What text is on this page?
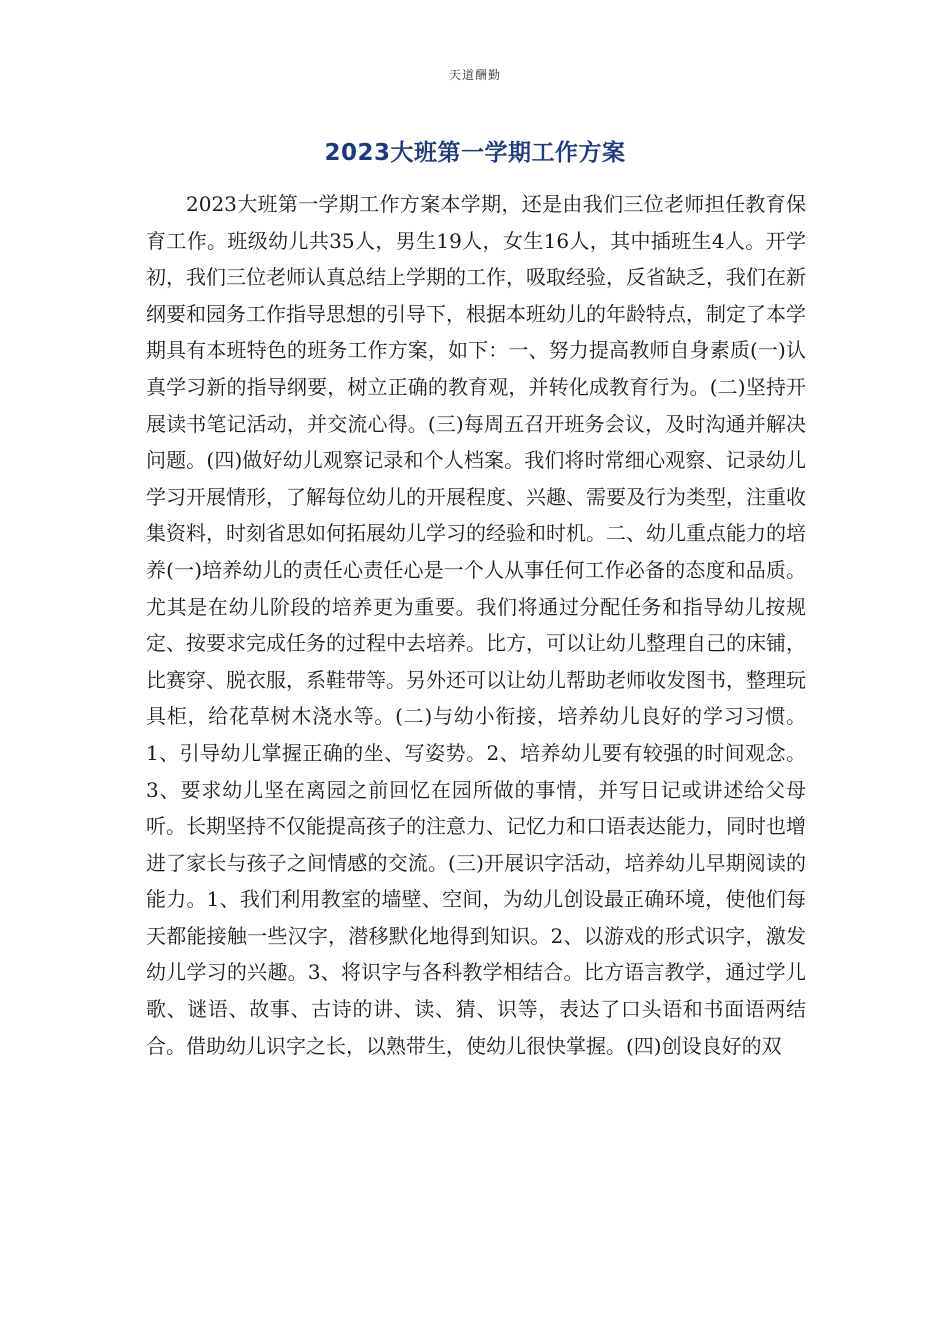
天道酬勤
2023大班第一学期工作方案

2023大班第一学期工作方案本学期，还是由我们三位老师担任教育保育工作。班级幼儿共35人，男生19人，女生16人，其中插班生4人。开学初，我们三位老师认真总结上学期的工作，吸取经验，反省缺乏，我们在新纲要和园务工作指导思想的引导下，根据本班幼儿的年龄特点，制定了本学期具有本班特色的班务工作方案，如下：一、努力提高教师自身素质(一)认真学习新的指导纲要，树立正确的教育观，并转化成教育行为。(二)坚持开展读书笔记活动，并交流心得。(三)每周五召开班务会议，及时沟通并解决问题。(四)做好幼儿观察记录和个人档案。我们将时常细心观察、记录幼儿学习开展情形，了解每位幼儿的开展程度、兴趣、需要及行为类型，注重收集资料，时刻省思如何拓展幼儿学习的经验和时机。二、幼儿重点能力的培养(一)培养幼儿的责任心责任心是一个人从事任何工作必备的态度和品质。尤其是在幼儿阶段的培养更为重要。我们将通过分配任务和指导幼儿按规定、按要求完成任务的过程中去培养。比方，可以让幼儿整理自己的床铺，比赛穿、脱衣服，系鞋带等。另外还可以让幼儿帮助老师收发图书，整理玩具柜，给花草树木浇水等。(二)与幼小衔接，培养幼儿良好的学习习惯。1、引导幼儿掌握正确的坐、写姿势。2、培养幼儿要有较强的时间观念。3、要求幼儿坚在离园之前回忆在园所做的事情，并写日记或讲述给父母听。长期坚持不仅能提高孩子的注意力、记忆力和口语表达能力，同时也增进了家长与孩子之间情感的交流。(三)开展识字活动，培养幼儿早期阅读的能力。1、我们利用教室的墙壁、空间，为幼儿创设最正确环境，使他们每天都能接触一些汉字，潜移默化地得到知识。2、以游戏的形式识字，激发幼儿学习的兴趣。3、将识字与各科教学相结合。比方语言教学，通过学儿歌、谜语、故事、古诗的讲、读、猜、识等，表达了口头语和书面语两结合。借助幼儿识字之长，以熟带生，使幼儿很快掌握。(四)创设良好的双
